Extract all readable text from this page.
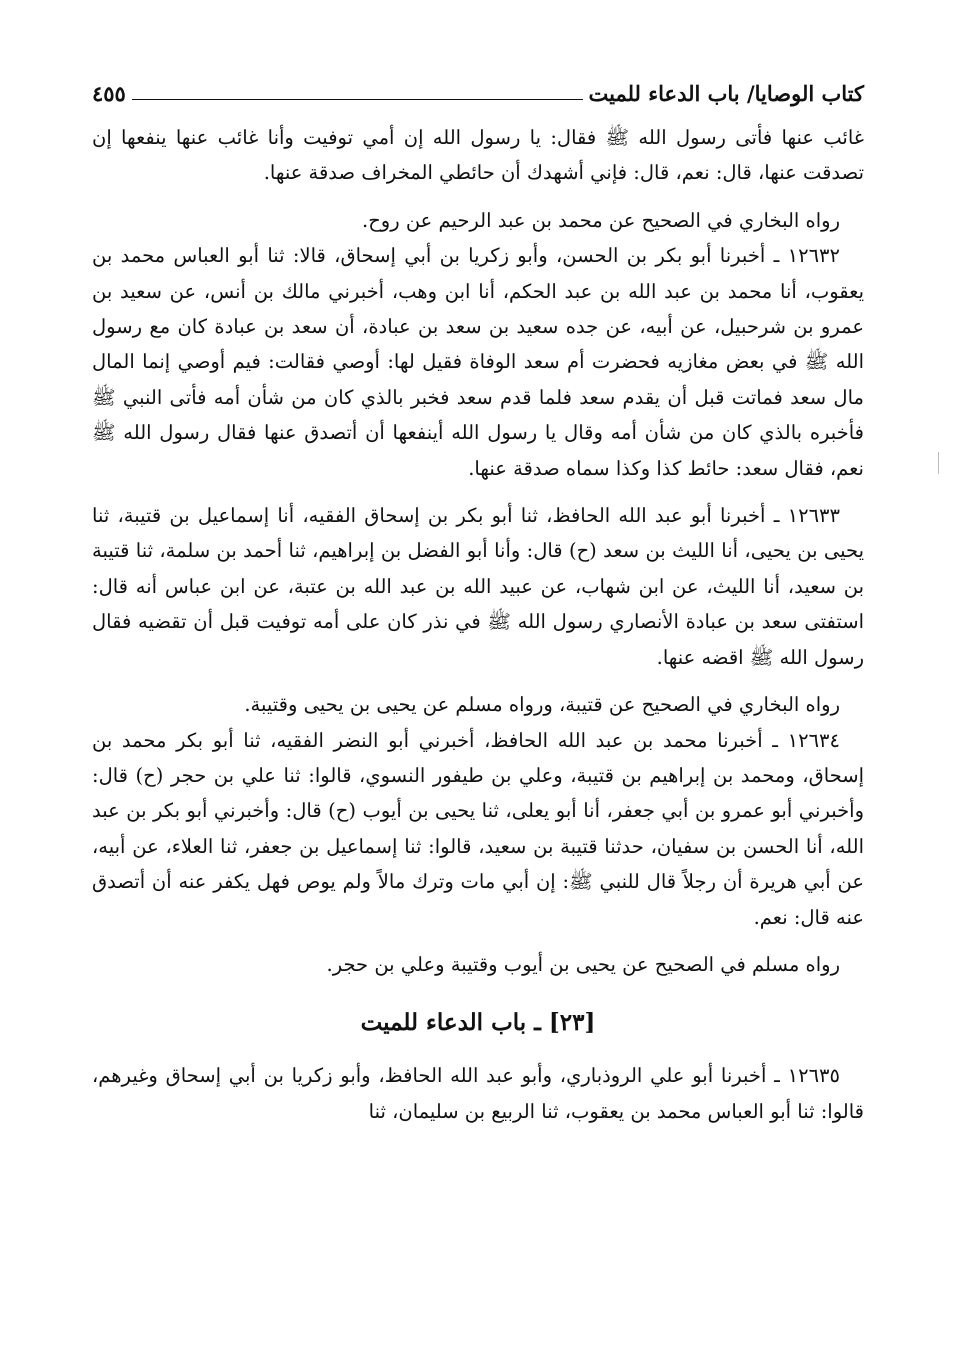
كتاب الوصايا/ باب الدعاء للميت
٤٥٥

غائب عنها فأتى رسول الله ﷺ فقال: يا رسول الله إن أمي توفيت وأنا غائب عنها ينفعها إن تصدقت عنها، قال: نعم، قال: فإني أشهدك أن حائطي المخراف صدقة عنها.

رواه البخاري في الصحيح عن محمد بن عبد الرحيم عن روح.

١٢٦٣٢ ـ أخبرنا أبو بكر بن الحسن، وأبو زكريا بن أبي إسحاق، قالا: ثنا أبو العباس محمد بن يعقوب، أنا محمد بن عبد الله بن عبد الحكم، أنا ابن وهب، أخبرني مالك بن أنس، عن سعيد بن عمرو بن شرحبيل، عن أبيه، عن جده سعيد بن سعد بن عبادة، أن سعد بن عبادة كان مع رسول الله ﷺ في بعض مغازيه فحضرت أم سعد الوفاة فقيل لها: أوصي فقالت: فيم أوصي إنما المال مال سعد فماتت قبل أن يقدم سعد فلما قدم سعد فخبر بالذي كان من شأن أمه فأتى النبي ﷺ فأخبره بالذي كان من شأن أمه وقال يا رسول الله أينفعها أن أتصدق عنها فقال رسول الله ﷺ نعم، فقال سعد: حائط كذا وكذا سماه صدقة عنها.

١٢٦٣٣ ـ أخبرنا أبو عبد الله الحافظ، ثنا أبو بكر بن إسحاق الفقيه، أنا إسماعيل بن قتيبة، ثنا يحيى بن يحيى، أنا الليث بن سعد (ح) قال: وأنا أبو الفضل بن إبراهيم، ثنا أحمد بن سلمة، ثنا قتيبة بن سعيد، أنا الليث، عن ابن شهاب، عن عبيد الله بن عبد الله بن عتبة، عن ابن عباس أنه قال: استفتى سعد بن عبادة الأنصاري رسول الله ﷺ في نذر كان على أمه توفيت قبل أن تقضيه فقال رسول الله ﷺ اقضه عنها.

رواه البخاري في الصحيح عن قتيبة، ورواه مسلم عن يحيى بن يحيى وقتيبة.

١٢٦٣٤ ـ أخبرنا محمد بن عبد الله الحافظ، أخبرني أبو النضر الفقيه، ثنا أبو بكر محمد بن إسحاق، ومحمد بن إبراهيم بن قتيبة، وعلي بن طيفور النسوي، قالوا: ثنا علي بن حجر (ح) قال: وأخبرني أبو عمرو بن أبي جعفر، أنا أبو يعلى، ثنا يحيى بن أيوب (ح) قال: وأخبرني أبو بكر بن عبد الله، أنا الحسن بن سفيان، حدثنا قتيبة بن سعيد، قالوا: ثنا إسماعيل بن جعفر، ثنا العلاء، عن أبيه، عن أبي هريرة أن رجلاً قال للنبي ﷺ: إن أبي مات وترك مالاً ولم يوص فهل يكفر عنه أن أتصدق عنه قال: نعم.

رواه مسلم في الصحيح عن يحيى بن أيوب وقتيبة وعلي بن حجر.

[٢٣] ـ باب الدعاء للميت

١٢٦٣٥ ـ أخبرنا أبو علي الروذباري، وأبو عبد الله الحافظ، وأبو زكريا بن أبي إسحاق وغيرهم، قالوا: ثنا أبو العباس محمد بن يعقوب، ثنا الربيع بن سليمان، ثنا
